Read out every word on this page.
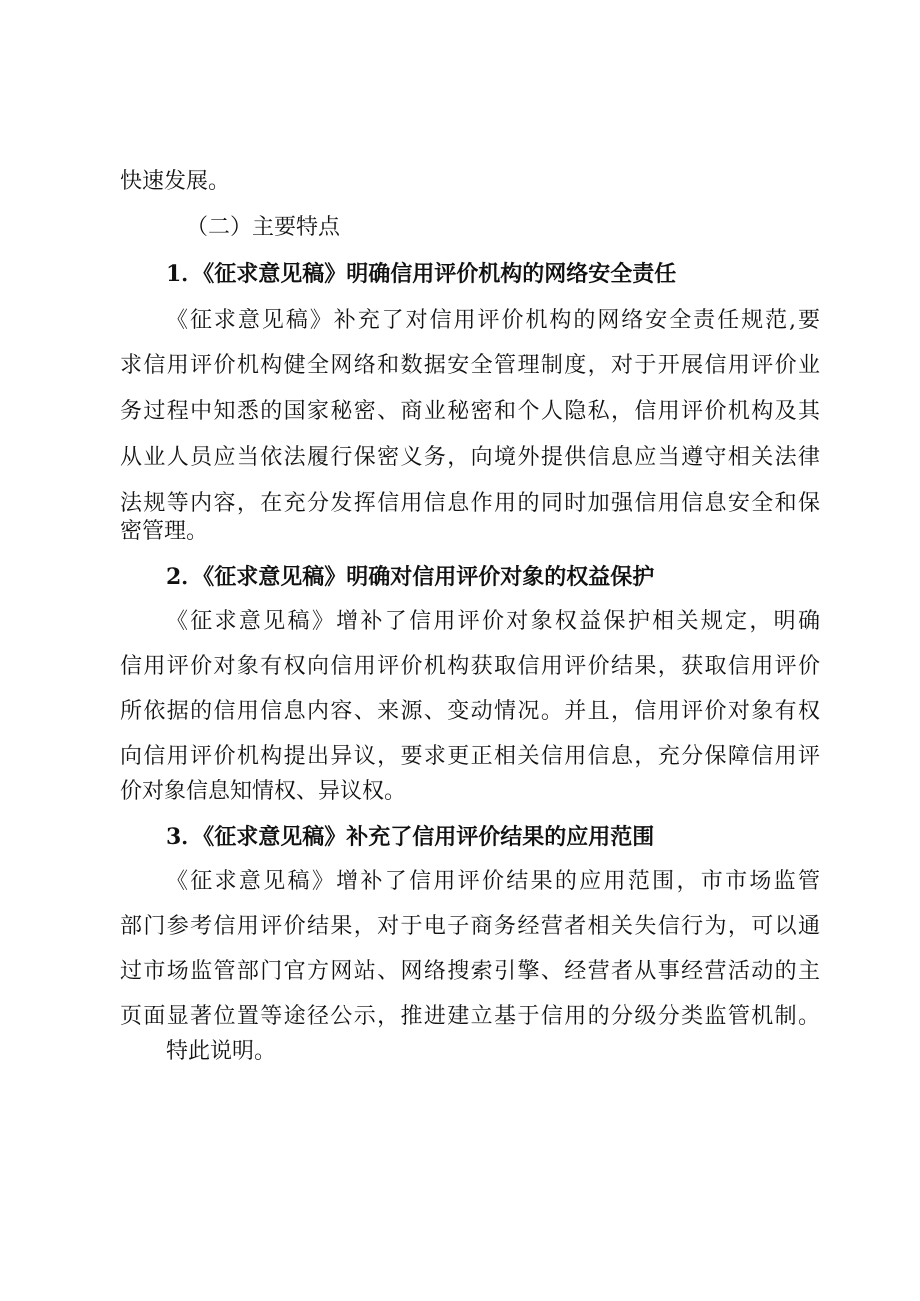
快速发展。
（二）主要特点
1．《征求意见稿》明确信用评价机构的网络安全责任
《征求意见稿》补充了对信用评价机构的网络安全责任规范,要
求信用评价机构健全网络和数据安全管理制度，对于开展信用评价业
务过程中知悉的国家秘密、商业秘密和个人隐私，信用评价机构及其
从业人员应当依法履行保密义务，向境外提供信息应当遵守相关法律
法规等内容，在充分发挥信用信息作用的同时加强信用信息安全和保
密管理。
2．《征求意见稿》明确对信用评价对象的权益保护
《征求意见稿》增补了信用评价对象权益保护相关规定，明确
信用评价对象有权向信用评价机构获取信用评价结果，获取信用评价
所依据的信用信息内容、来源、变动情况。并且，信用评价对象有权
向信用评价机构提出异议，要求更正相关信用信息，充分保障信用评
价对象信息知情权、异议权。
3．《征求意见稿》补充了信用评价结果的应用范围
《征求意见稿》增补了信用评价结果的应用范围，市市场监管
部门参考信用评价结果，对于电子商务经营者相关失信行为，可以通
过市场监管部门官方网站、网络搜索引擎、经营者从事经营活动的主
页面显著位置等途径公示，推进建立基于信用的分级分类监管机制。
特此说明。
